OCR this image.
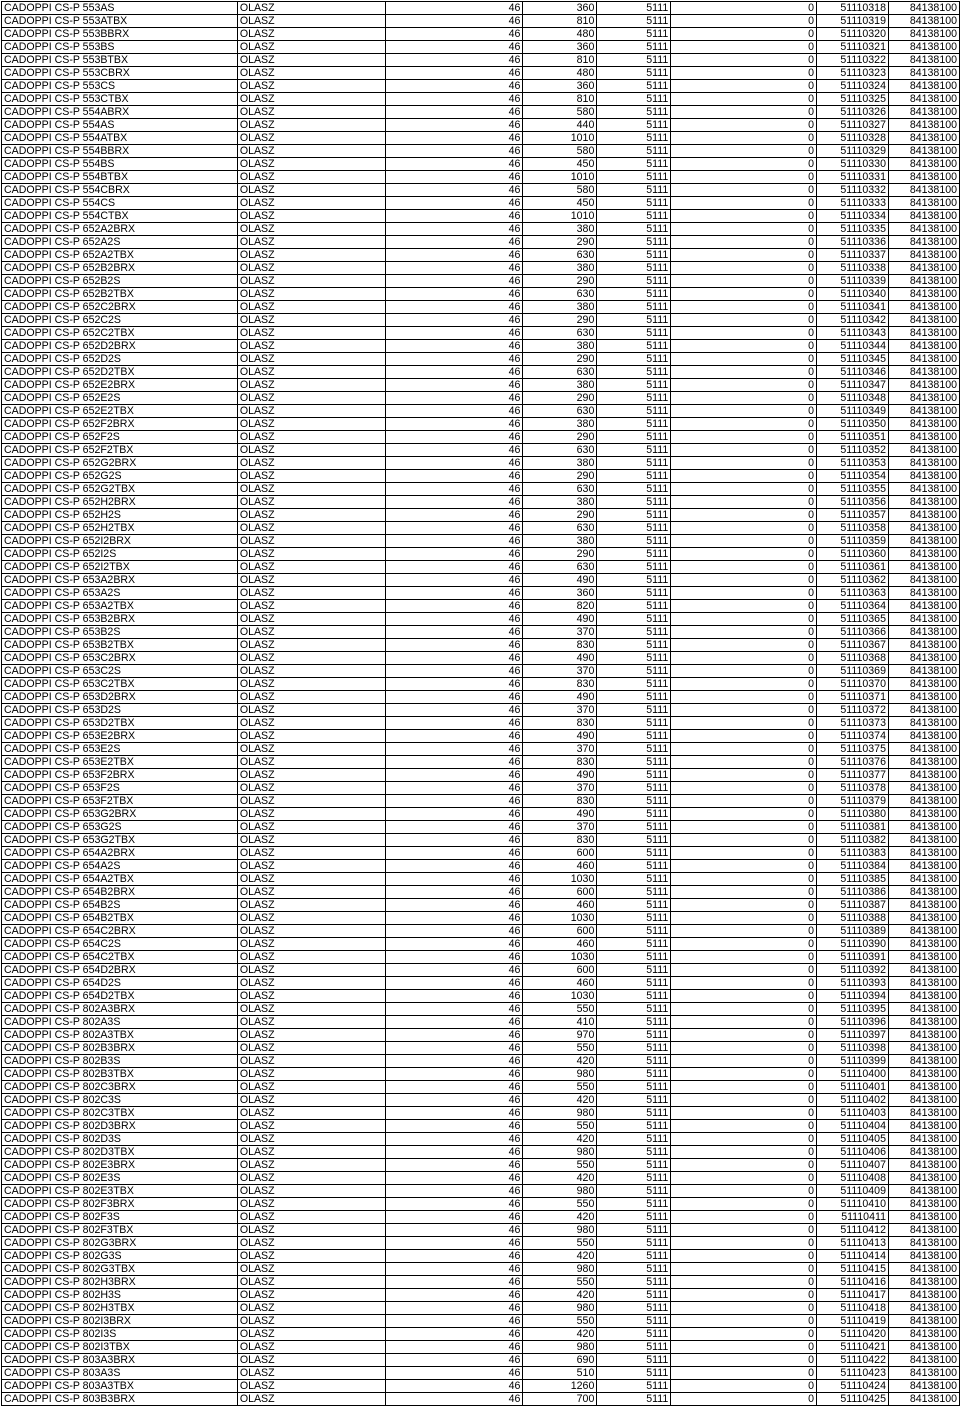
CADOPPI CS-P 553AS	OLASZ	46	360	5111	0	51110318	84138100
CADOPPI CS-P 553ATBX	OLASZ	46	810	5111	0	51110319	84138100
CADOPPI CS-P 553BBRX	OLASZ	46	480	5111	0	51110320	84138100
CADOPPI CS-P 553BS	OLASZ	46	360	5111	0	51110321	84138100
CADOPPI CS-P 553BTBX	OLASZ	46	810	5111	0	51110322	84138100
CADOPPI CS-P 553CBRX	OLASZ	46	480	5111	0	51110323	84138100
CADOPPI CS-P 553CS	OLASZ	46	360	5111	0	51110324	84138100
CADOPPI CS-P 553CTBX	OLASZ	46	810	5111	0	51110325	84138100
CADOPPI CS-P 554ABRX	OLASZ	46	580	5111	0	51110326	84138100
CADOPPI CS-P 554AS	OLASZ	46	440	5111	0	51110327	84138100
CADOPPI CS-P 554ATBX	OLASZ	46	1010	5111	0	51110328	84138100
CADOPPI CS-P 554BBRX	OLASZ	46	580	5111	0	51110329	84138100
CADOPPI CS-P 554BS	OLASZ	46	450	5111	0	51110330	84138100
CADOPPI CS-P 554BTBX	OLASZ	46	1010	5111	0	51110331	84138100
CADOPPI CS-P 554CBRX	OLASZ	46	580	5111	0	51110332	84138100
CADOPPI CS-P 554CS	OLASZ	46	450	5111	0	51110333	84138100
CADOPPI CS-P 554CTBX	OLASZ	46	1010	5111	0	51110334	84138100
CADOPPI CS-P 652A2BRX	OLASZ	46	380	5111	0	51110335	84138100
CADOPPI CS-P 652A2S	OLASZ	46	290	5111	0	51110336	84138100
CADOPPI CS-P 652A2TBX	OLASZ	46	630	5111	0	51110337	84138100
CADOPPI CS-P 652B2BRX	OLASZ	46	380	5111	0	51110338	84138100
CADOPPI CS-P 652B2S	OLASZ	46	290	5111	0	51110339	84138100
CADOPPI CS-P 652B2TBX	OLASZ	46	630	5111	0	51110340	84138100
CADOPPI CS-P 652C2BRX	OLASZ	46	380	5111	0	51110341	84138100
CADOPPI CS-P 652C2S	OLASZ	46	290	5111	0	51110342	84138100
CADOPPI CS-P 652C2TBX	OLASZ	46	630	5111	0	51110343	84138100
CADOPPI CS-P 652D2BRX	OLASZ	46	380	5111	0	51110344	84138100
CADOPPI CS-P 652D2S	OLASZ	46	290	5111	0	51110345	84138100
CADOPPI CS-P 652D2TBX	OLASZ	46	630	5111	0	51110346	84138100
CADOPPI CS-P 652E2BRX	OLASZ	46	380	5111	0	51110347	84138100
CADOPPI CS-P 652E2S	OLASZ	46	290	5111	0	51110348	84138100
CADOPPI CS-P 652E2TBX	OLASZ	46	630	5111	0	51110349	84138100
CADOPPI CS-P 652F2BRX	OLASZ	46	380	5111	0	51110350	84138100
CADOPPI CS-P 652F2S	OLASZ	46	290	5111	0	51110351	84138100
CADOPPI CS-P 652F2TBX	OLASZ	46	630	5111	0	51110352	84138100
CADOPPI CS-P 652G2BRX	OLASZ	46	380	5111	0	51110353	84138100
CADOPPI CS-P 652G2S	OLASZ	46	290	5111	0	51110354	84138100
CADOPPI CS-P 652G2TBX	OLASZ	46	630	5111	0	51110355	84138100
CADOPPI CS-P 652H2BRX	OLASZ	46	380	5111	0	51110356	84138100
CADOPPI CS-P 652H2S	OLASZ	46	290	5111	0	51110357	84138100
CADOPPI CS-P 652H2TBX	OLASZ	46	630	5111	0	51110358	84138100
CADOPPI CS-P 652I2BRX	OLASZ	46	380	5111	0	51110359	84138100
CADOPPI CS-P 652I2S	OLASZ	46	290	5111	0	51110360	84138100
CADOPPI CS-P 652I2TBX	OLASZ	46	630	5111	0	51110361	84138100
CADOPPI CS-P 653A2BRX	OLASZ	46	490	5111	0	51110362	84138100
CADOPPI CS-P 653A2S	OLASZ	46	360	5111	0	51110363	84138100
CADOPPI CS-P 653A2TBX	OLASZ	46	820	5111	0	51110364	84138100
CADOPPI CS-P 653B2BRX	OLASZ	46	490	5111	0	51110365	84138100
CADOPPI CS-P 653B2S	OLASZ	46	370	5111	0	51110366	84138100
CADOPPI CS-P 653B2TBX	OLASZ	46	830	5111	0	51110367	84138100
CADOPPI CS-P 653C2BRX	OLASZ	46	490	5111	0	51110368	84138100
CADOPPI CS-P 653C2S	OLASZ	46	370	5111	0	51110369	84138100
CADOPPI CS-P 653C2TBX	OLASZ	46	830	5111	0	51110370	84138100
CADOPPI CS-P 653D2BRX	OLASZ	46	490	5111	0	51110371	84138100
CADOPPI CS-P 653D2S	OLASZ	46	370	5111	0	51110372	84138100
CADOPPI CS-P 653D2TBX	OLASZ	46	830	5111	0	51110373	84138100
CADOPPI CS-P 653E2BRX	OLASZ	46	490	5111	0	51110374	84138100
CADOPPI CS-P 653E2S	OLASZ	46	370	5111	0	51110375	84138100
CADOPPI CS-P 653E2TBX	OLASZ	46	830	5111	0	51110376	84138100
CADOPPI CS-P 653F2BRX	OLASZ	46	490	5111	0	51110377	84138100
CADOPPI CS-P 653F2S	OLASZ	46	370	5111	0	51110378	84138100
CADOPPI CS-P 653F2TBX	OLASZ	46	830	5111	0	51110379	84138100
CADOPPI CS-P 653G2BRX	OLASZ	46	490	5111	0	51110380	84138100
CADOPPI CS-P 653G2S	OLASZ	46	370	5111	0	51110381	84138100
CADOPPI CS-P 653G2TBX	OLASZ	46	830	5111	0	51110382	84138100
CADOPPI CS-P 654A2BRX	OLASZ	46	600	5111	0	51110383	84138100
CADOPPI CS-P 654A2S	OLASZ	46	460	5111	0	51110384	84138100
CADOPPI CS-P 654A2TBX	OLASZ	46	1030	5111	0	51110385	84138100
CADOPPI CS-P 654B2BRX	OLASZ	46	600	5111	0	51110386	84138100
CADOPPI CS-P 654B2S	OLASZ	46	460	5111	0	51110387	84138100
CADOPPI CS-P 654B2TBX	OLASZ	46	1030	5111	0	51110388	84138100
CADOPPI CS-P 654C2BRX	OLASZ	46	600	5111	0	51110389	84138100
CADOPPI CS-P 654C2S	OLASZ	46	460	5111	0	51110390	84138100
CADOPPI CS-P 654C2TBX	OLASZ	46	1030	5111	0	51110391	84138100
CADOPPI CS-P 654D2BRX	OLASZ	46	600	5111	0	51110392	84138100
CADOPPI CS-P 654D2S	OLASZ	46	460	5111	0	51110393	84138100
CADOPPI CS-P 654D2TBX	OLASZ	46	1030	5111	0	51110394	84138100
CADOPPI CS-P 802A3BRX	OLASZ	46	550	5111	0	51110395	84138100
CADOPPI CS-P 802A3S	OLASZ	46	410	5111	0	51110396	84138100
CADOPPI CS-P 802A3TBX	OLASZ	46	970	5111	0	51110397	84138100
CADOPPI CS-P 802B3BRX	OLASZ	46	550	5111	0	51110398	84138100
CADOPPI CS-P 802B3S	OLASZ	46	420	5111	0	51110399	84138100
CADOPPI CS-P 802B3TBX	OLASZ	46	980	5111	0	51110400	84138100
CADOPPI CS-P 802C3BRX	OLASZ	46	550	5111	0	51110401	84138100
CADOPPI CS-P 802C3S	OLASZ	46	420	5111	0	51110402	84138100
CADOPPI CS-P 802C3TBX	OLASZ	46	980	5111	0	51110403	84138100
CADOPPI CS-P 802D3BRX	OLASZ	46	550	5111	0	51110404	84138100
CADOPPI CS-P 802D3S	OLASZ	46	420	5111	0	51110405	84138100
CADOPPI CS-P 802D3TBX	OLASZ	46	980	5111	0	51110406	84138100
CADOPPI CS-P 802E3BRX	OLASZ	46	550	5111	0	51110407	84138100
CADOPPI CS-P 802E3S	OLASZ	46	420	5111	0	51110408	84138100
CADOPPI CS-P 802E3TBX	OLASZ	46	980	5111	0	51110409	84138100
CADOPPI CS-P 802F3BRX	OLASZ	46	550	5111	0	51110410	84138100
CADOPPI CS-P 802F3S	OLASZ	46	420	5111	0	51110411	84138100
CADOPPI CS-P 802F3TBX	OLASZ	46	980	5111	0	51110412	84138100
CADOPPI CS-P 802G3BRX	OLASZ	46	550	5111	0	51110413	84138100
CADOPPI CS-P 802G3S	OLASZ	46	420	5111	0	51110414	84138100
CADOPPI CS-P 802G3TBX	OLASZ	46	980	5111	0	51110415	84138100
CADOPPI CS-P 802H3BRX	OLASZ	46	550	5111	0	51110416	84138100
CADOPPI CS-P 802H3S	OLASZ	46	420	5111	0	51110417	84138100
CADOPPI CS-P 802H3TBX	OLASZ	46	980	5111	0	51110418	84138100
CADOPPI CS-P 802I3BRX	OLASZ	46	550	5111	0	51110419	84138100
CADOPPI CS-P 802I3S	OLASZ	46	420	5111	0	51110420	84138100
CADOPPI CS-P 802I3TBX	OLASZ	46	980	5111	0	51110421	84138100
CADOPPI CS-P 803A3BRX	OLASZ	46	690	5111	0	51110422	84138100
CADOPPI CS-P 803A3S	OLASZ	46	510	5111	0	51110423	84138100
CADOPPI CS-P 803A3TBX	OLASZ	46	1260	5111	0	51110424	84138100
CADOPPI CS-P 803B3BRX	OLASZ	46	700	5111	0	51110425	84138100
